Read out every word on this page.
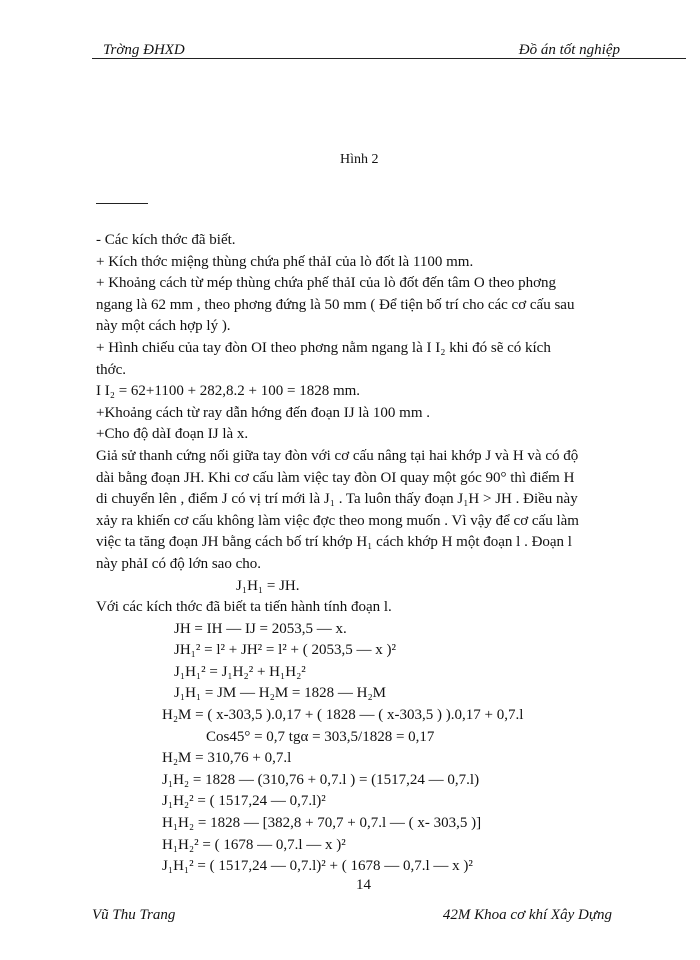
Trờng ĐHXD	Đồ án tốt nghiệp
Hình 2

- Các kích thớc đã biết.

+ Kích thớc miệng thùng chứa phế thảI của lò đốt là 1100 mm.

+ Khoảng cách từ mép thùng chứa phế thảI của lò đốt đến tâm O theo phơng

ngang là 62 mm , theo phơng đứng là 50 mm ( Để tiện bố trí cho các cơ cấu sau

này một cách hợp lý ).

+ Hình chiếu của tay đòn OI theo phơng nằm ngang là I I₂ khi đó sẽ có kích

thớc.

I I₂ = 62+1100 + 282,8.2 + 100 = 1828 mm.

+Khoảng cách từ ray dẫn hớng đến đoạn IJ là 100 mm .

+Cho độ dàI đoạn IJ là x.

Giả sử thanh cứng nối giữa tay đòn với cơ cấu nâng tại hai khớp J và H và có độ

dài bằng đoạn JH. Khi cơ cấu làm việc tay đòn OI quay một góc 90° thì điểm H

di chuyển lên , điểm J có vị trí mới là J₁ . Ta luôn thấy đoạn J₁H > JH . Điều này

xảy ra khiến cơ cấu không làm việc đợc theo mong muốn . Vì vậy để cơ cấu làm

việc ta tăng đoạn JH bằng cách bố trí khớp H₁ cách khớp H một đoạn l . Đoạn l

này phảI có độ lớn sao cho.

J₁H₁ = JH.

Với các kích thớc đã biết ta tiến hành tính đoạn l.

JH = IH — IJ = 2053,5 — x.

JH₁² = l² + JH² = l² + ( 2053,5 — x )²

J₁H₁² = J₁H₂² + H₁H₂²

J₁H₁ = JM — H₂M = 1828 — H₂M

H₂M = ( x-303,5 ).0,17 + ( 1828 — ( x-303,5 ) ).0,17 + 0,7.l

Cos45° = 0,7 tgα = 303,5/1828 = 0,17

H₂M = 310,76 + 0,7.l

J₁H₂ = 1828 — (310,76 + 0,7.l ) = (1517,24 — 0,7.l)

J₁H₂² = ( 1517,24 — 0,7.l)²

H₁H₂ = 1828 — [382,8 + 70,7 + 0,7.l — ( x- 303,5 )]

H₁H₂² = ( 1678 — 0,7.l — x )²

J₁H₁² = ( 1517,24 — 0,7.l)² + ( 1678 — 0,7.l — x )²

14
Vũ Thu Trang	42M Khoa cơ khí Xây Dựng
